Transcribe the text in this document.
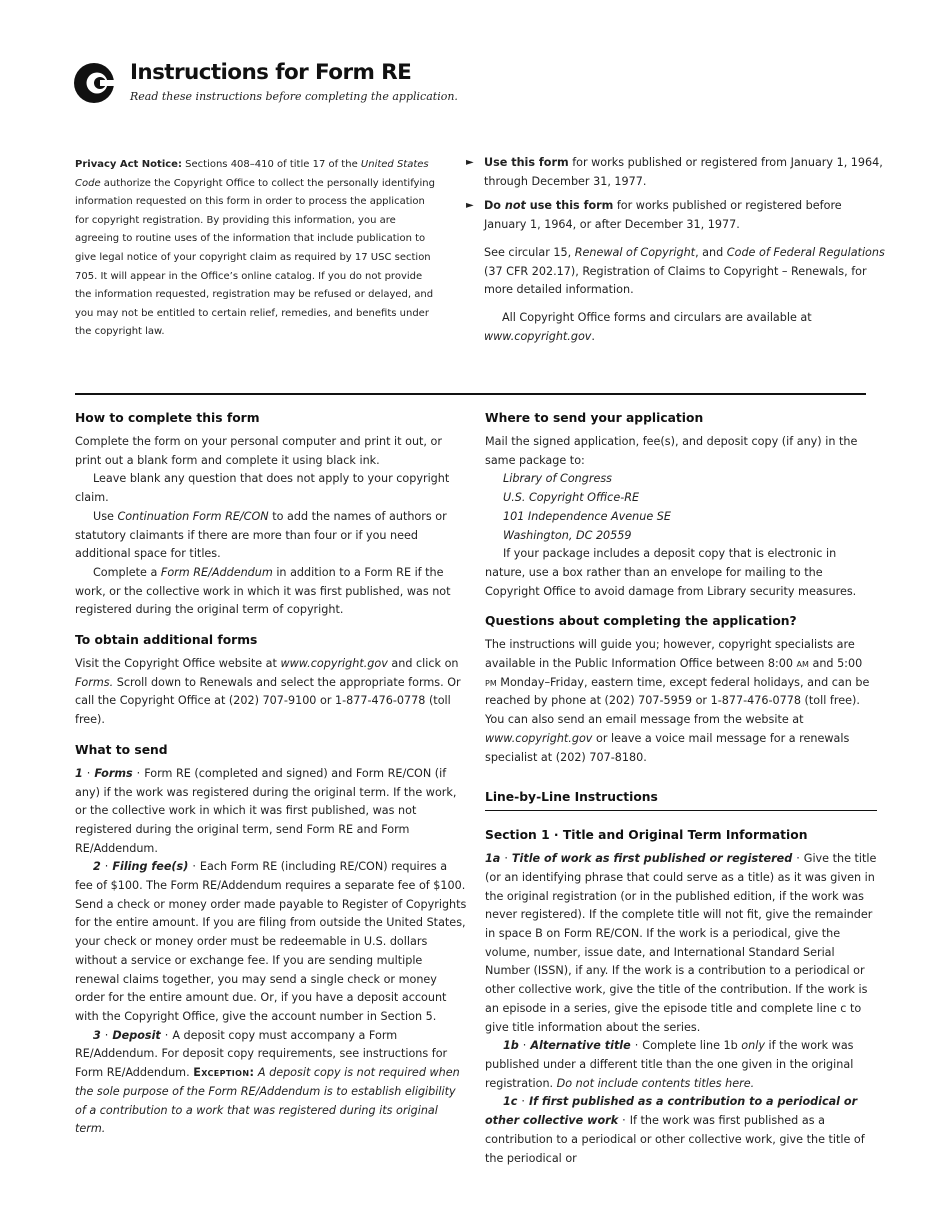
Instructions for Form RE
Read these instructions before completing the application.
Privacy Act Notice: Sections 408–410 of title 17 of the United States Code authorize the Copyright Office to collect the personally identifying information requested on this form in order to process the application for copyright registration. By providing this information, you are agreeing to routine uses of the information that include publication to give legal notice of your copyright claim as required by 17 USC section 705. It will appear in the Office’s online catalog. If you do not provide the information requested, registration may be refused or delayed, and you may not be entitled to certain relief, remedies, and benefits under the copyright law.
► Use this form for works published or registered from January 1, 1964, through December 31, 1977.
► Do not use this form for works published or registered before January 1, 1964, or after December 31, 1977.
See circular 15, Renewal of Copyright, and Code of Federal Regulations (37 CFR 202.17), Registration of Claims to Copyright – Renewals, for more detailed information.
All Copyright Office forms and circulars are available at www.copyright.gov.
How to complete this form
Complete the form on your personal computer and print it out, or print out a blank form and complete it using black ink.
Leave blank any question that does not apply to your copyright claim.
Use Continuation Form RE/CON to add the names of authors or statutory claimants if there are more than four or if you need additional space for titles.
Complete a Form RE/Addendum in addition to a Form RE if the work, or the collective work in which it was first published, was not registered during the original term of copyright.
To obtain additional forms
Visit the Copyright Office website at www.copyright.gov and click on Forms. Scroll down to Renewals and select the appropriate forms. Or call the Copyright Office at (202) 707-9100 or 1-877-476-0778 (toll free).
What to send
1 · Forms · Form RE (completed and signed) and Form RE/CON (if any) if the work was registered during the original term. If the work, or the collective work in which it was first published, was not registered during the original term, send Form RE and Form RE/Addendum.
2 · Filing fee(s) · Each Form RE (including RE/CON) requires a fee of $100. The Form RE/Addendum requires a separate fee of $100. Send a check or money order made payable to Register of Copyrights for the entire amount. If you are filing from outside the United States, your check or money order must be redeemable in U.S. dollars without a service or exchange fee. If you are sending multiple renewal claims together, you may send a single check or money order for the entire amount due. Or, if you have a deposit account with the Copyright Office, give the account number in Section 5.
3 · Deposit · A deposit copy must accompany a Form RE/Addendum. For deposit copy requirements, see instructions for Form RE/Addendum. Exception: A deposit copy is not required when the sole purpose of the Form RE/Addendum is to establish eligibility of a contribution to a work that was registered during its original term.
Where to send your application
Mail the signed application, fee(s), and deposit copy (if any) in the same package to:
Library of Congress
U.S. Copyright Office-RE
101 Independence Avenue SE
Washington, DC 20559
If your package includes a deposit copy that is electronic in nature, use a box rather than an envelope for mailing to the Copyright Office to avoid damage from Library security measures.
Questions about completing the application?
The instructions will guide you; however, copyright specialists are available in the Public Information Office between 8:00 am and 5:00 pm Monday–Friday, eastern time, except federal holidays, and can be reached by phone at (202) 707-5959 or 1-877-476-0778 (toll free). You can also send an email message from the website at www.copyright.gov or leave a voice mail message for a renewals specialist at (202) 707-8180.
Line-by-Line Instructions
Section 1 · Title and Original Term Information
1a · Title of work as first published or registered · Give the title (or an identifying phrase that could serve as a title) as it was given in the original registration (or in the published edition, if the work was never registered). If the complete title will not fit, give the remainder in space B on Form RE/CON. If the work is a periodical, give the volume, number, issue date, and International Standard Serial Number (ISSN), if any. If the work is a contribution to a periodical or other collective work, give the title of the contribution. If the work is an episode in a series, give the episode title and complete line c to give title information about the series.
1b · Alternative title · Complete line 1b only if the work was published under a different title than the one given in the original registration. Do not include contents titles here.
1c · If first published as a contribution to a periodical or other collective work · If the work was first published as a contribution to a periodical or other collective work, give the title of the periodical or
